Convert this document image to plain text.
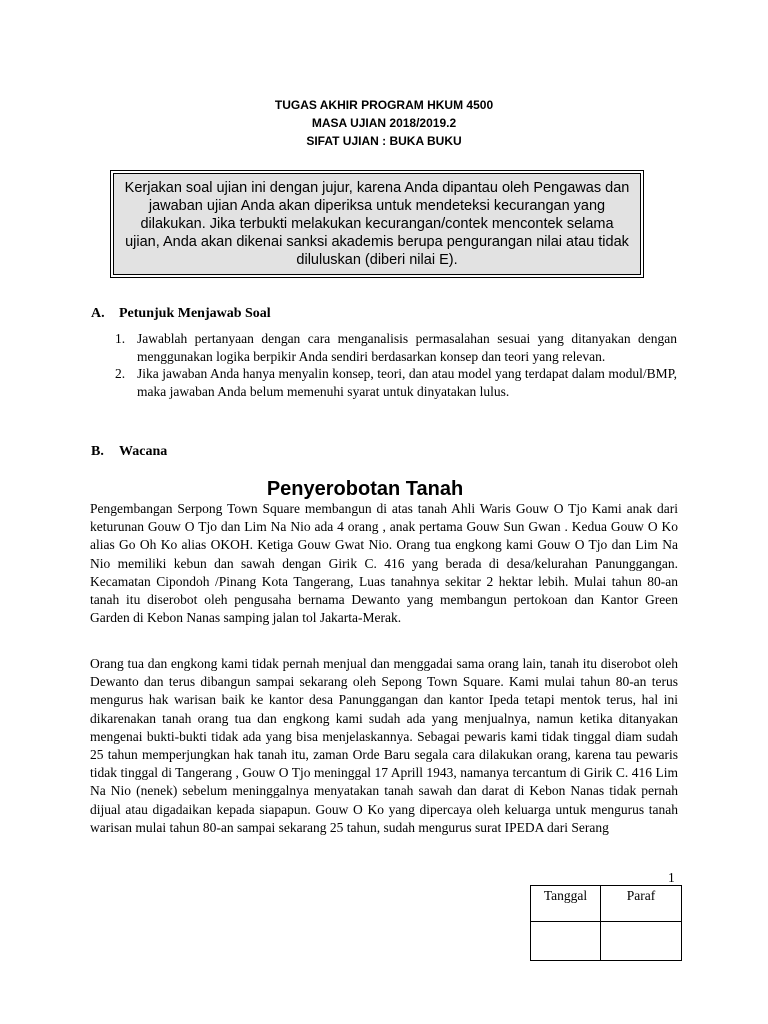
TUGAS AKHIR PROGRAM HKUM 4500
MASA UJIAN 2018/2019.2
SIFAT UJIAN : BUKA BUKU
Kerjakan soal ujian ini dengan jujur, karena Anda dipantau oleh Pengawas dan jawaban ujian Anda akan diperiksa untuk mendeteksi kecurangan yang dilakukan. Jika terbukti melakukan kecurangan/contek mencontek selama ujian, Anda akan dikenai sanksi akademis berupa pengurangan nilai atau tidak diluluskan (diberi nilai E).
A. Petunjuk Menjawab Soal
1. Jawablah pertanyaan dengan cara menganalisis permasalahan sesuai yang ditanyakan dengan menggunakan logika berpikir Anda sendiri berdasarkan konsep dan teori yang relevan.
2. Jika jawaban Anda hanya menyalin konsep, teori, dan atau model yang terdapat dalam modul/BMP, maka jawaban Anda belum memenuhi syarat untuk dinyatakan lulus.
B. Wacana
Penyerobotan Tanah

Pengembangan Serpong Town Square membangun di atas tanah Ahli Waris Gouw O Tjo Kami anak dari keturunan Gouw O Tjo dan Lim Na Nio ada 4 orang , anak pertama Gouw Sun Gwan . Kedua Gouw O Ko alias Go Oh Ko alias OKOH. Ketiga Gouw Gwat Nio. Orang tua engkong kami Gouw O Tjo dan Lim Na Nio memiliki kebun dan sawah dengan Girik C. 416 yang berada di desa/kelurahan Panunggangan. Kecamatan Cipondoh /Pinang Kota Tangerang, Luas tanahnya sekitar 2 hektar lebih. Mulai tahun 80-an tanah itu diserobot oleh pengusaha bernama Dewanto yang membangun pertokoan dan Kantor Green Garden di Kebon Nanas samping jalan tol Jakarta-Merak.

Orang tua dan engkong kami tidak pernah menjual dan menggadai sama orang lain, tanah itu diserobot oleh Dewanto dan terus dibangun sampai sekarang oleh Sepong Town Square. Kami mulai tahun 80-an terus mengurus hak warisan baik ke kantor desa Panunggangan dan kantor Ipeda tetapi mentok terus, hal ini dikarenakan tanah orang tua dan engkong kami sudah ada yang menjualnya, namun ketika ditanyakan mengenai bukti-bukti tidak ada yang bisa menjelaskannya. Sebagai pewaris kami tidak tinggal diam sudah 25 tahun memperjungkan hak tanah itu, zaman Orde Baru segala cara dilakukan orang, karena tau pewaris tidak tinggal di Tangerang , Gouw O Tjo meninggal 17 Aprill 1943, namanya tercantum di Girik C. 416 Lim Na Nio (nenek) sebelum meninggalnya menyatakan tanah sawah dan darat di Kebon Nanas tidak pernah dijual atau digadaikan kepada siapapun. Gouw O Ko yang dipercaya oleh keluarga untuk mengurus tanah warisan mulai tahun 80-an sampai sekarang 25 tahun, sudah mengurus surat IPEDA dari Serang

1
Tanggal	Paraf
